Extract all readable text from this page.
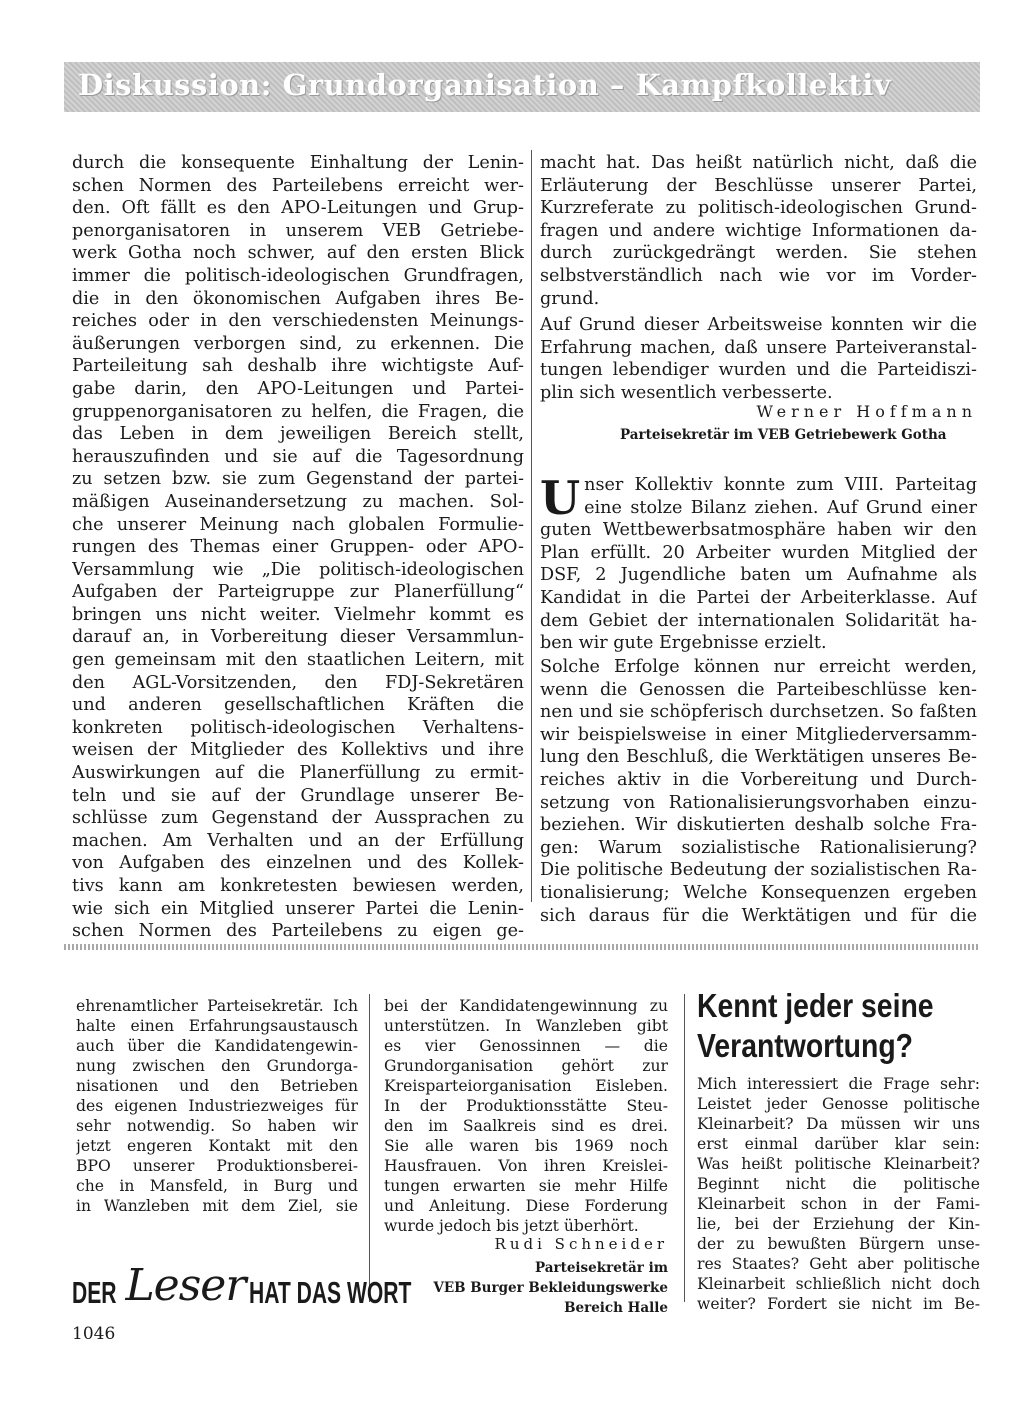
Diskussion: Grundorganisation – Kampfkollektiv
durch die konsequente Einhaltung der Lenin-
schen Normen des Parteilebens erreicht wer-
den. Oft fällt es den APO-Leitungen und Grup-
penorganisatoren in unserem VEB Getriebe-
werk Gotha noch schwer, auf den ersten Blick
immer die politisch-ideologischen Grundfragen,
die in den ökonomischen Aufgaben ihres Be-
reiches oder in den verschiedensten Meinungs-
äußerungen verborgen sind, zu erkennen. Die
Parteileitung sah deshalb ihre wichtigste Auf-
gabe darin, den APO-Leitungen und Partei-
gruppenorganisatoren zu helfen, die Fragen, die
das Leben in dem jeweiligen Bereich stellt,
herauszufinden und sie auf die Tagesordnung
zu setzen bzw. sie zum Gegenstand der partei-
mäßigen Auseinandersetzung zu machen. Sol-
che unserer Meinung nach globalen Formulie-
rungen des Themas einer Gruppen- oder APO-
Versammlung wie „Die politisch-ideologischen
Aufgaben der Parteigruppe zur Planerfüllung“
bringen uns nicht weiter. Vielmehr kommt es
darauf an, in Vorbereitung dieser Versammlun-
gen gemeinsam mit den staatlichen Leitern, mit
den AGL-Vorsitzenden, den FDJ-Sekretären
und anderen gesellschaftlichen Kräften die
konkreten politisch-ideologischen Verhaltens-
weisen der Mitglieder des Kollektivs und ihre
Auswirkungen auf die Planerfüllung zu ermit-
teln und sie auf der Grundlage unserer Be-
schlüsse zum Gegenstand der Aussprachen zu
machen. Am Verhalten und an der Erfüllung
von Aufgaben des einzelnen und des Kollek-
tivs kann am konkretesten bewiesen werden,
wie sich ein Mitglied unserer Partei die Lenin-
schen Normen des Parteilebens zu eigen ge-
macht hat. Das heißt natürlich nicht, daß die
Erläuterung der Beschlüsse unserer Partei,
Kurzreferate zu politisch-ideologischen Grund-
fragen und andere wichtige Informationen da-
durch zurückgedrängt werden. Sie stehen
selbstverständlich nach wie vor im Vorder-
grund.
Auf Grund dieser Arbeitsweise konnten wir die
Erfahrung machen, daß unsere Parteiveranstal-
tungen lebendiger wurden und die Parteidiszi-
plin sich wesentlich verbesserte.
Werner Hoffmann
Parteisekretär im VEB Getriebewerk Gotha
U nser Kollektiv konnte zum VIII. Parteitag
eine stolze Bilanz ziehen. Auf Grund einer
guten Wettbewerbsatmosphäre haben wir den
Plan erfüllt. 20 Arbeiter wurden Mitglied der
DSF, 2 Jugendliche baten um Aufnahme als
Kandidat in die Partei der Arbeiterklasse. Auf
dem Gebiet der internationalen Solidarität ha-
ben wir gute Ergebnisse erzielt.
Solche Erfolge können nur erreicht werden,
wenn die Genossen die Parteibeschlüsse ken-
nen und sie schöpferisch durchsetzen. So faßten
wir beispielsweise in einer Mitgliederversamm-
lung den Beschluß, die Werktätigen unseres Be-
reiches aktiv in die Vorbereitung und Durch-
setzung von Rationalisierungsvorhaben einzu-
beziehen. Wir diskutierten deshalb solche Fra-
gen: Warum sozialistische Rationalisierung?
Die politische Bedeutung der sozialistischen Ra-
tionalisierung; Welche Konsequenzen ergeben
sich daraus für die Werktätigen und für die
ehrenamtlicher Parteisekretär. Ich
halte einen Erfahrungsaustausch
auch über die Kandidatengewin-
nung zwischen den Grundorga-
nisationen und den Betrieben
des eigenen Industriezweiges für
sehr notwendig. So haben wir
jetzt engeren Kontakt mit den
BPO unserer Produktionsberei-
che in Mansfeld, in Burg und
in Wanzleben mit dem Ziel, sie
bei der Kandidatengewinnung zu
unterstützen. In Wanzleben gibt
es vier Genossinnen — die
Grundorganisation gehört zur
Kreisparteiorganisation Eisleben.
In der Produktionsstätte Steu-
den im Saalkreis sind es drei.
Sie alle waren bis 1969 noch
Hausfrauen. Von ihren Kreislei-
tungen erwarten sie mehr Hilfe
und Anleitung. Diese Forderung
wurde jedoch bis jetzt überhört.
Rudi Schneider
Parteisekretär im
VEB Burger Bekleidungswerke
Bereich Halle
Kennt jeder seine
Verantwortung?
Mich interessiert die Frage sehr:
Leistet jeder Genosse politische
Kleinarbeit? Da müssen wir uns
erst einmal darüber klar sein:
Was heißt politische Kleinarbeit?
Beginnt nicht die politische
Kleinarbeit schon in der Fami-
lie, bei der Erziehung der Kin-
der zu bewußten Bürgern unse-
res Staates? Geht aber politische
Kleinarbeit schließlich nicht doch
weiter? Fordert sie nicht im Be-
DER Leser HAT DAS WORT
1046
